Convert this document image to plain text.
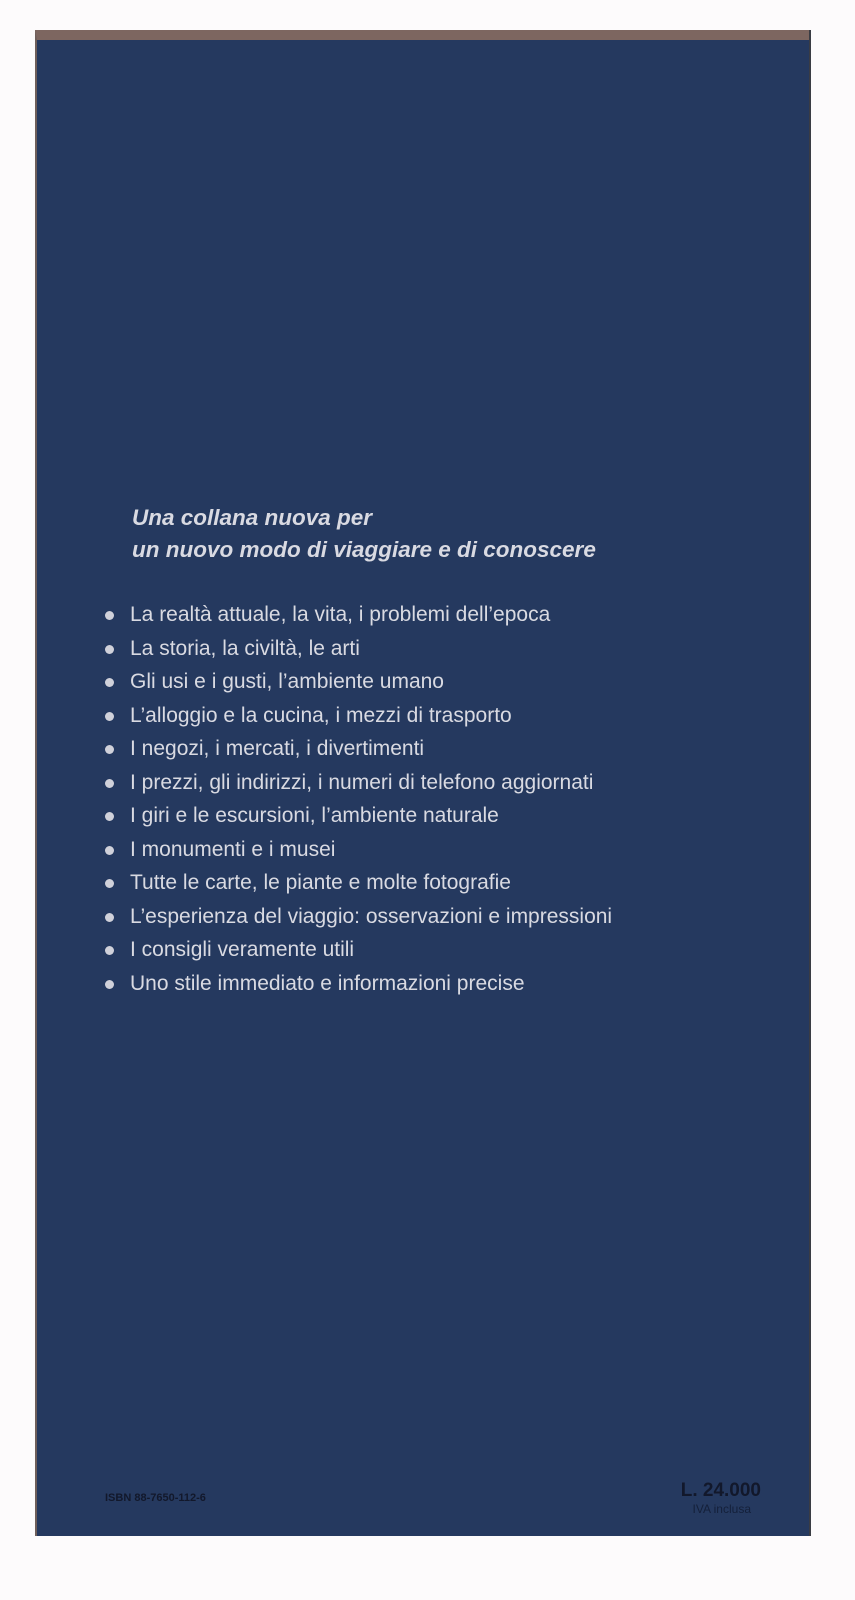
Una collana nuova per
un nuovo modo di viaggiare e di conoscere
La realtà attuale, la vita, i problemi dell’epoca
La storia, la civiltà, le arti
Gli usi e i gusti, l’ambiente umano
L’alloggio e la cucina, i mezzi di trasporto
I negozi, i mercati, i divertimenti
I prezzi, gli indirizzi, i numeri di telefono aggiornati
I giri e le escursioni, l’ambiente naturale
I monumenti e i musei
Tutte le carte, le piante e molte fotografie
L’esperienza del viaggio: osservazioni e impressioni
I consigli veramente utili
Uno stile immediato e informazioni precise
ISBN 88-7650-112-6	L. 24.000
IVA inclusa
